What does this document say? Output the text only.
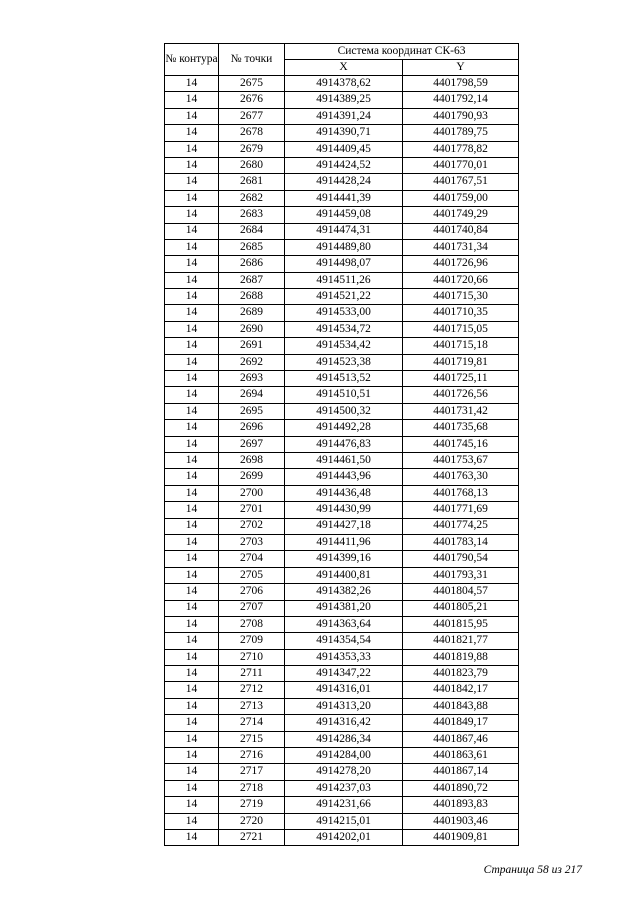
№ контура	№ точки	Система координат СК-63	
		X	Y
14	2675	4914378,62	4401798,59
14	2676	4914389,25	4401792,14
14	2677	4914391,24	4401790,93
14	2678	4914390,71	4401789,75
14	2679	4914409,45	4401778,82
14	2680	4914424,52	4401770,01
14	2681	4914428,24	4401767,51
14	2682	4914441,39	4401759,00
14	2683	4914459,08	4401749,29
14	2684	4914474,31	4401740,84
14	2685	4914489,80	4401731,34
14	2686	4914498,07	4401726,96
14	2687	4914511,26	4401720,66
14	2688	4914521,22	4401715,30
14	2689	4914533,00	4401710,35
14	2690	4914534,72	4401715,05
14	2691	4914534,42	4401715,18
14	2692	4914523,38	4401719,81
14	2693	4914513,52	4401725,11
14	2694	4914510,51	4401726,56
14	2695	4914500,32	4401731,42
14	2696	4914492,28	4401735,68
14	2697	4914476,83	4401745,16
14	2698	4914461,50	4401753,67
14	2699	4914443,96	4401763,30
14	2700	4914436,48	4401768,13
14	2701	4914430,99	4401771,69
14	2702	4914427,18	4401774,25
14	2703	4914411,96	4401783,14
14	2704	4914399,16	4401790,54
14	2705	4914400,81	4401793,31
14	2706	4914382,26	4401804,57
14	2707	4914381,20	4401805,21
14	2708	4914363,64	4401815,95
14	2709	4914354,54	4401821,77
14	2710	4914353,33	4401819,88
14	2711	4914347,22	4401823,79
14	2712	4914316,01	4401842,17
14	2713	4914313,20	4401843,88
14	2714	4914316,42	4401849,17
14	2715	4914286,34	4401867,46
14	2716	4914284,00	4401863,61
14	2717	4914278,20	4401867,14
14	2718	4914237,03	4401890,72
14	2719	4914231,66	4401893,83
14	2720	4914215,01	4401903,46
14	2721	4914202,01	4401909,81
Страница 58 из 217
